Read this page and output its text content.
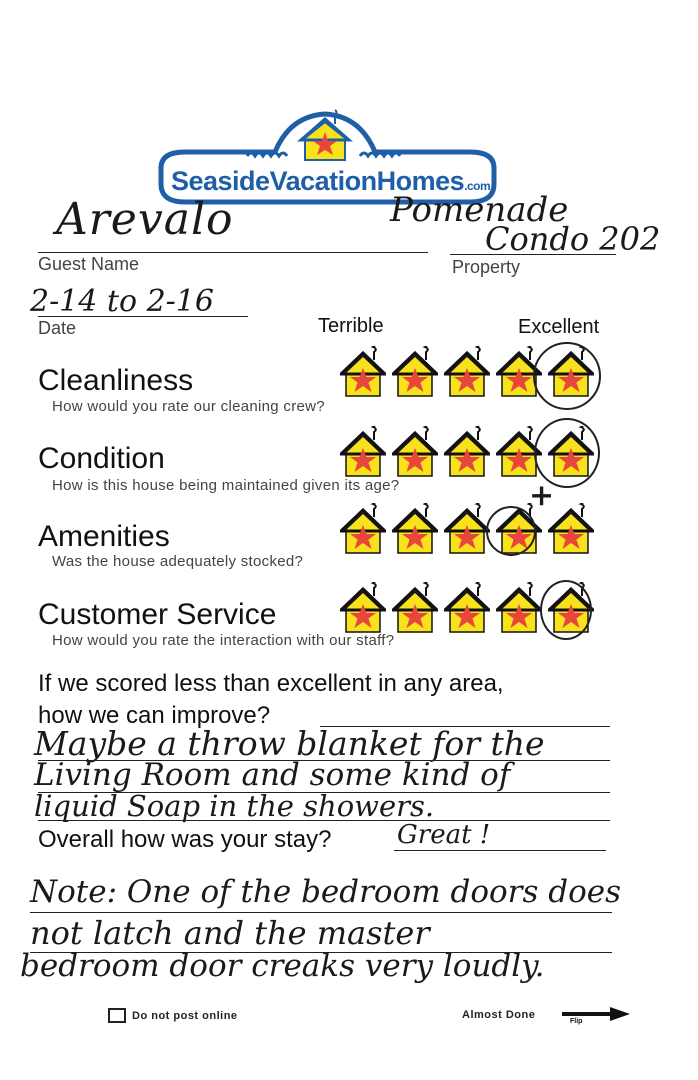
SeasideVacationHomes.com
Arevalo
Guest Name
Pomenade
Condo 202
Property
2-14 to 2-16
Date	Terrible	Excellent
Cleanliness
How would you rate our cleaning crew?
Condition
How is this house being maintained given its age?
Amenities
Was the house adequately stocked?
+
Customer Service
How would you rate the interaction with our staff?
If we scored less than excellent in any area,
how we can improve?
Maybe a throw blanket for the
Living Room and some kind of
liquid Soap in the showers.
Overall how was your stay?	Great !
Note: One of the bedroom doors does
not latch and the master
bedroom door creaks very loudly.
Do not post online	Almost Done
Flip
